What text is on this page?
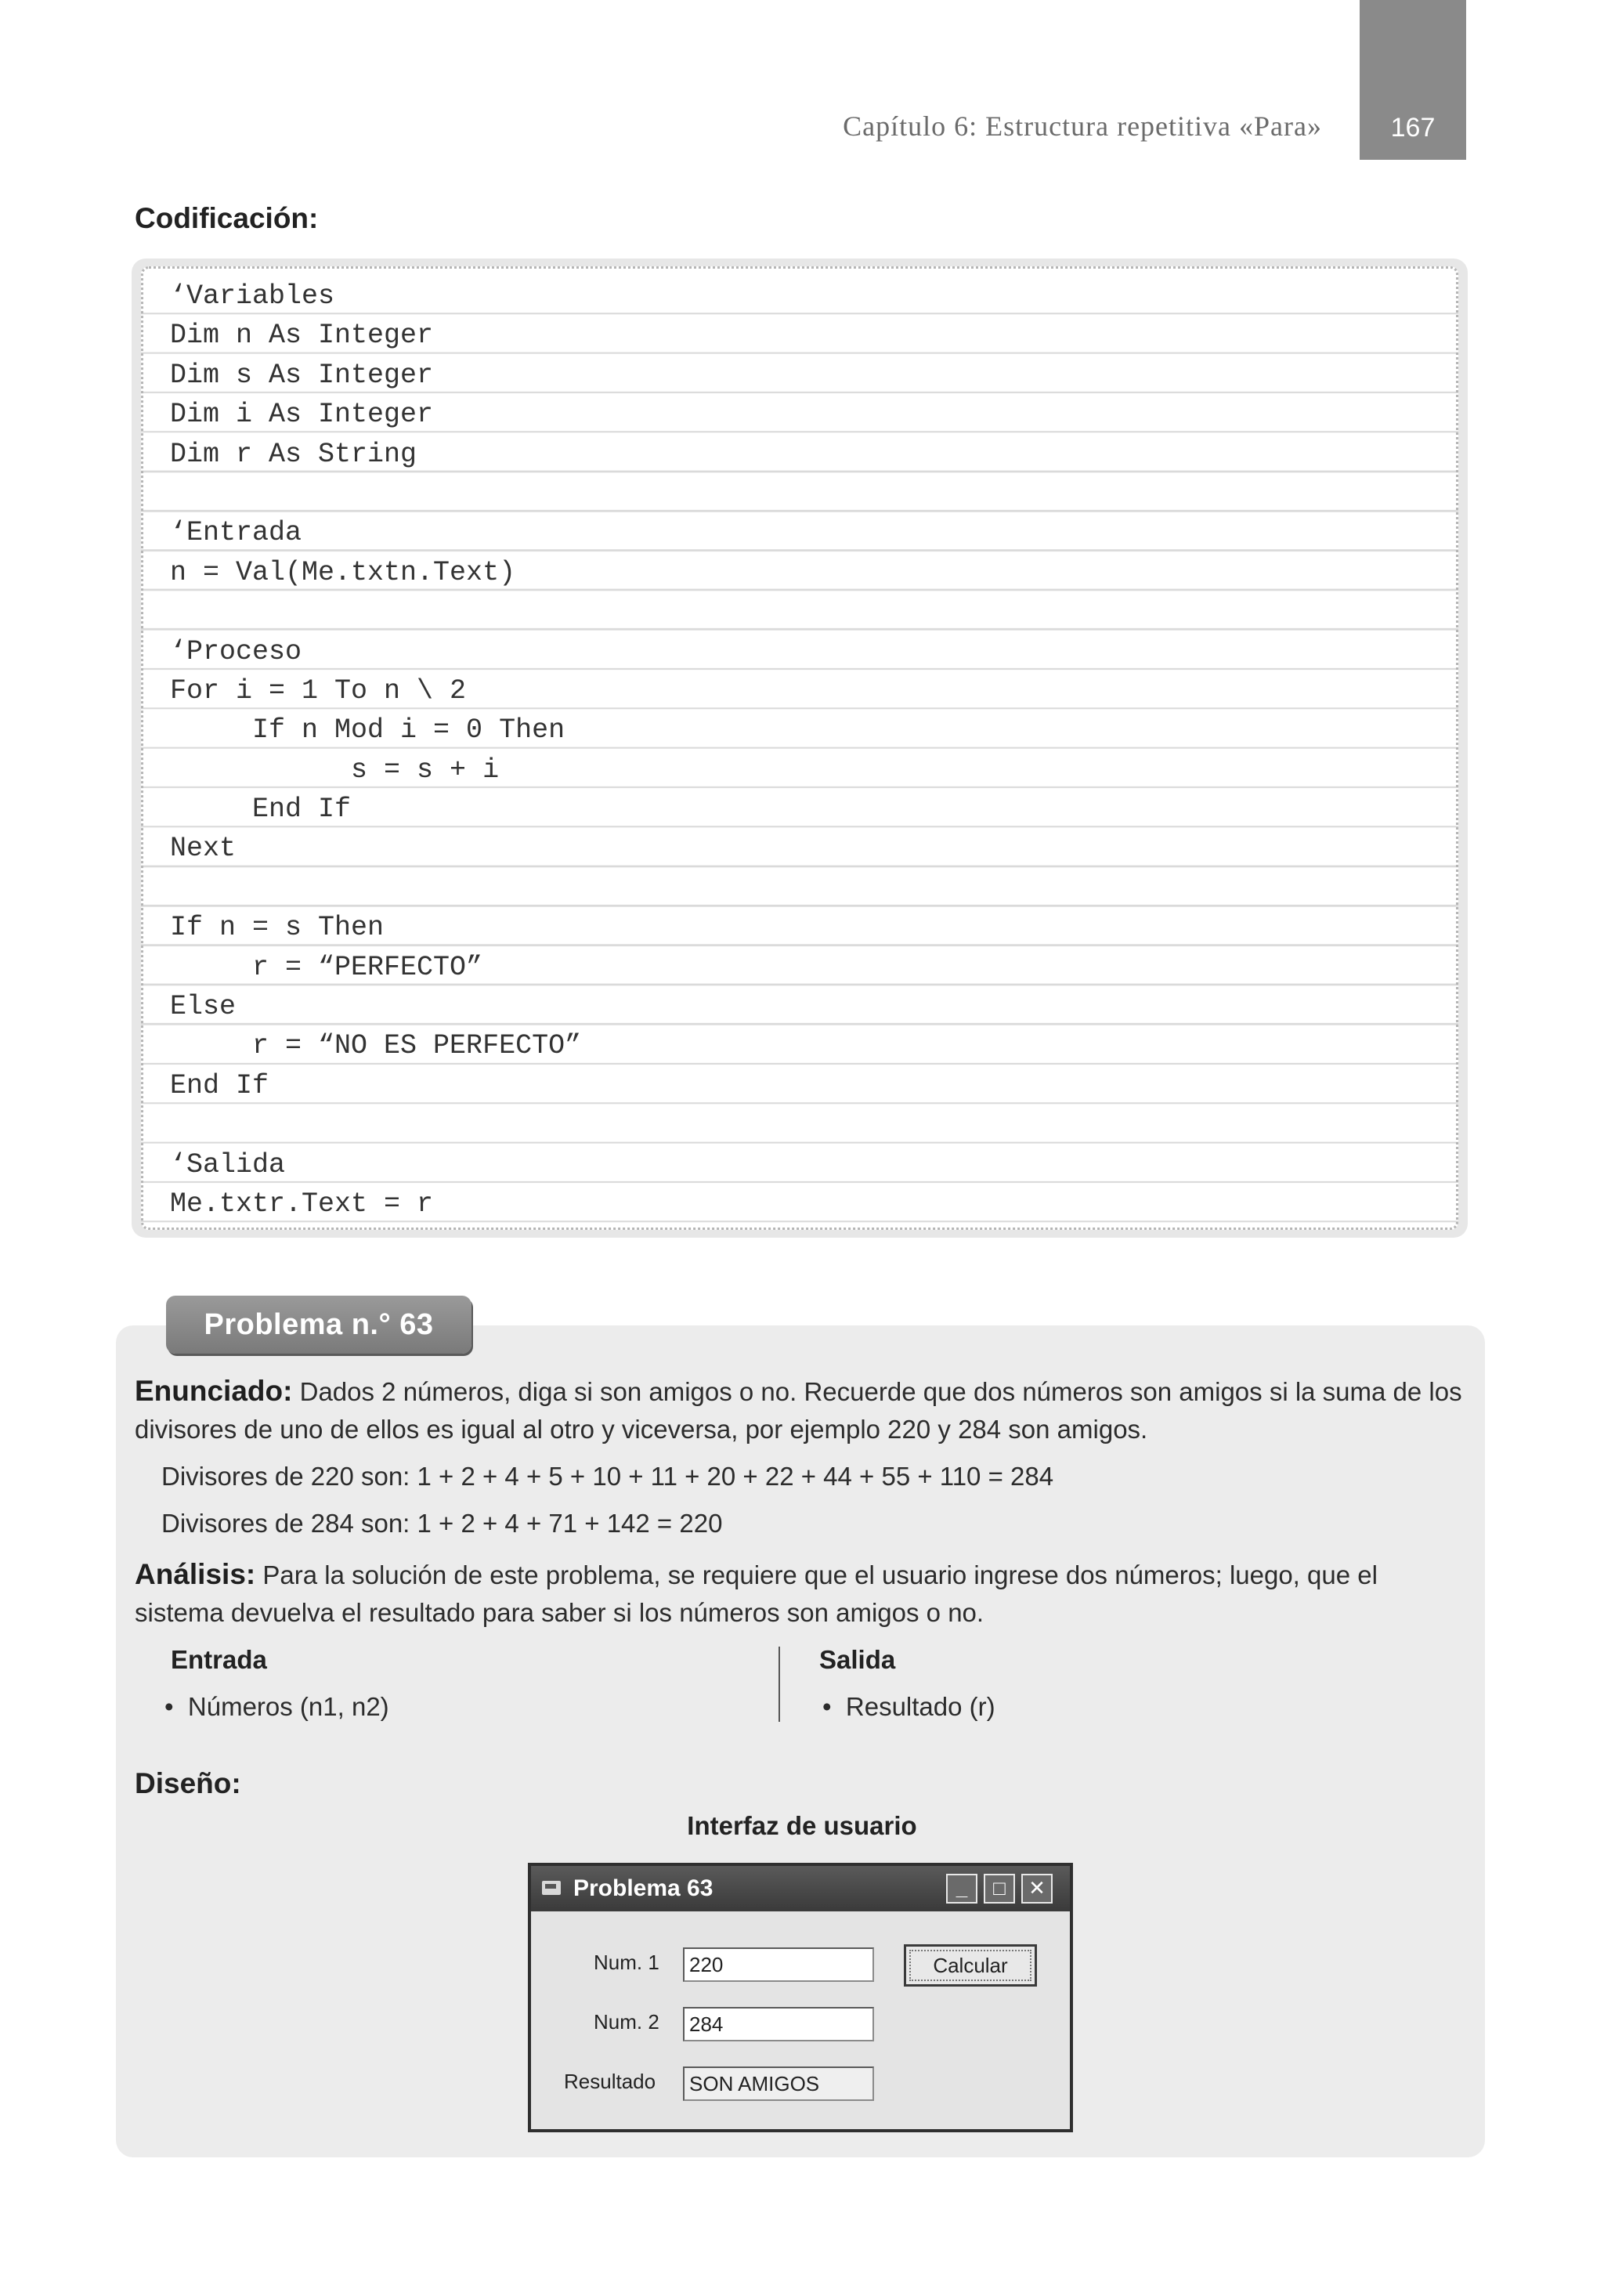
Capítulo 6: Estructura repetitiva «Para»	167
Codificación:
‘Variables
Dim n As Integer
Dim s As Integer
Dim i As Integer
Dim r As String
‘Entrada
n = Val(Me.txtn.Text)
‘Proceso
For i = 1 To n \ 2
If n Mod i = 0 Then
s = s + i
End If
Next
If n = s Then
r = “PERFECTO”
Else
r = “NO ES PERFECTO”
End If
‘Salida
Me.txtr.Text = r
Problema n.° 63
Enunciado: Dados 2 números, diga si son amigos o no. Recuerde que dos números son amigos si la suma de los divisores de uno de ellos es igual al otro y viceversa, por ejemplo 220 y 284 son amigos.
Divisores de 220 son: 1 + 2 + 4 + 5 + 10 + 11 + 20 + 22 + 44 + 55 + 110 = 284
Divisores de 284 son: 1 + 2 + 4 + 71 + 142 = 220
Análisis: Para la solución de este problema, se requiere que el usuario ingrese dos números; luego, que el sistema devuelva el resultado para saber si los números son amigos o no.
Entrada
•  Números (n1, n2)
Salida
•  Resultado (r)
Diseño:
Interfaz de usuario
Problema 63	_	□	✕
Num. 1	220
Num. 2	284
Resultado	SON AMIGOS
Calcular
